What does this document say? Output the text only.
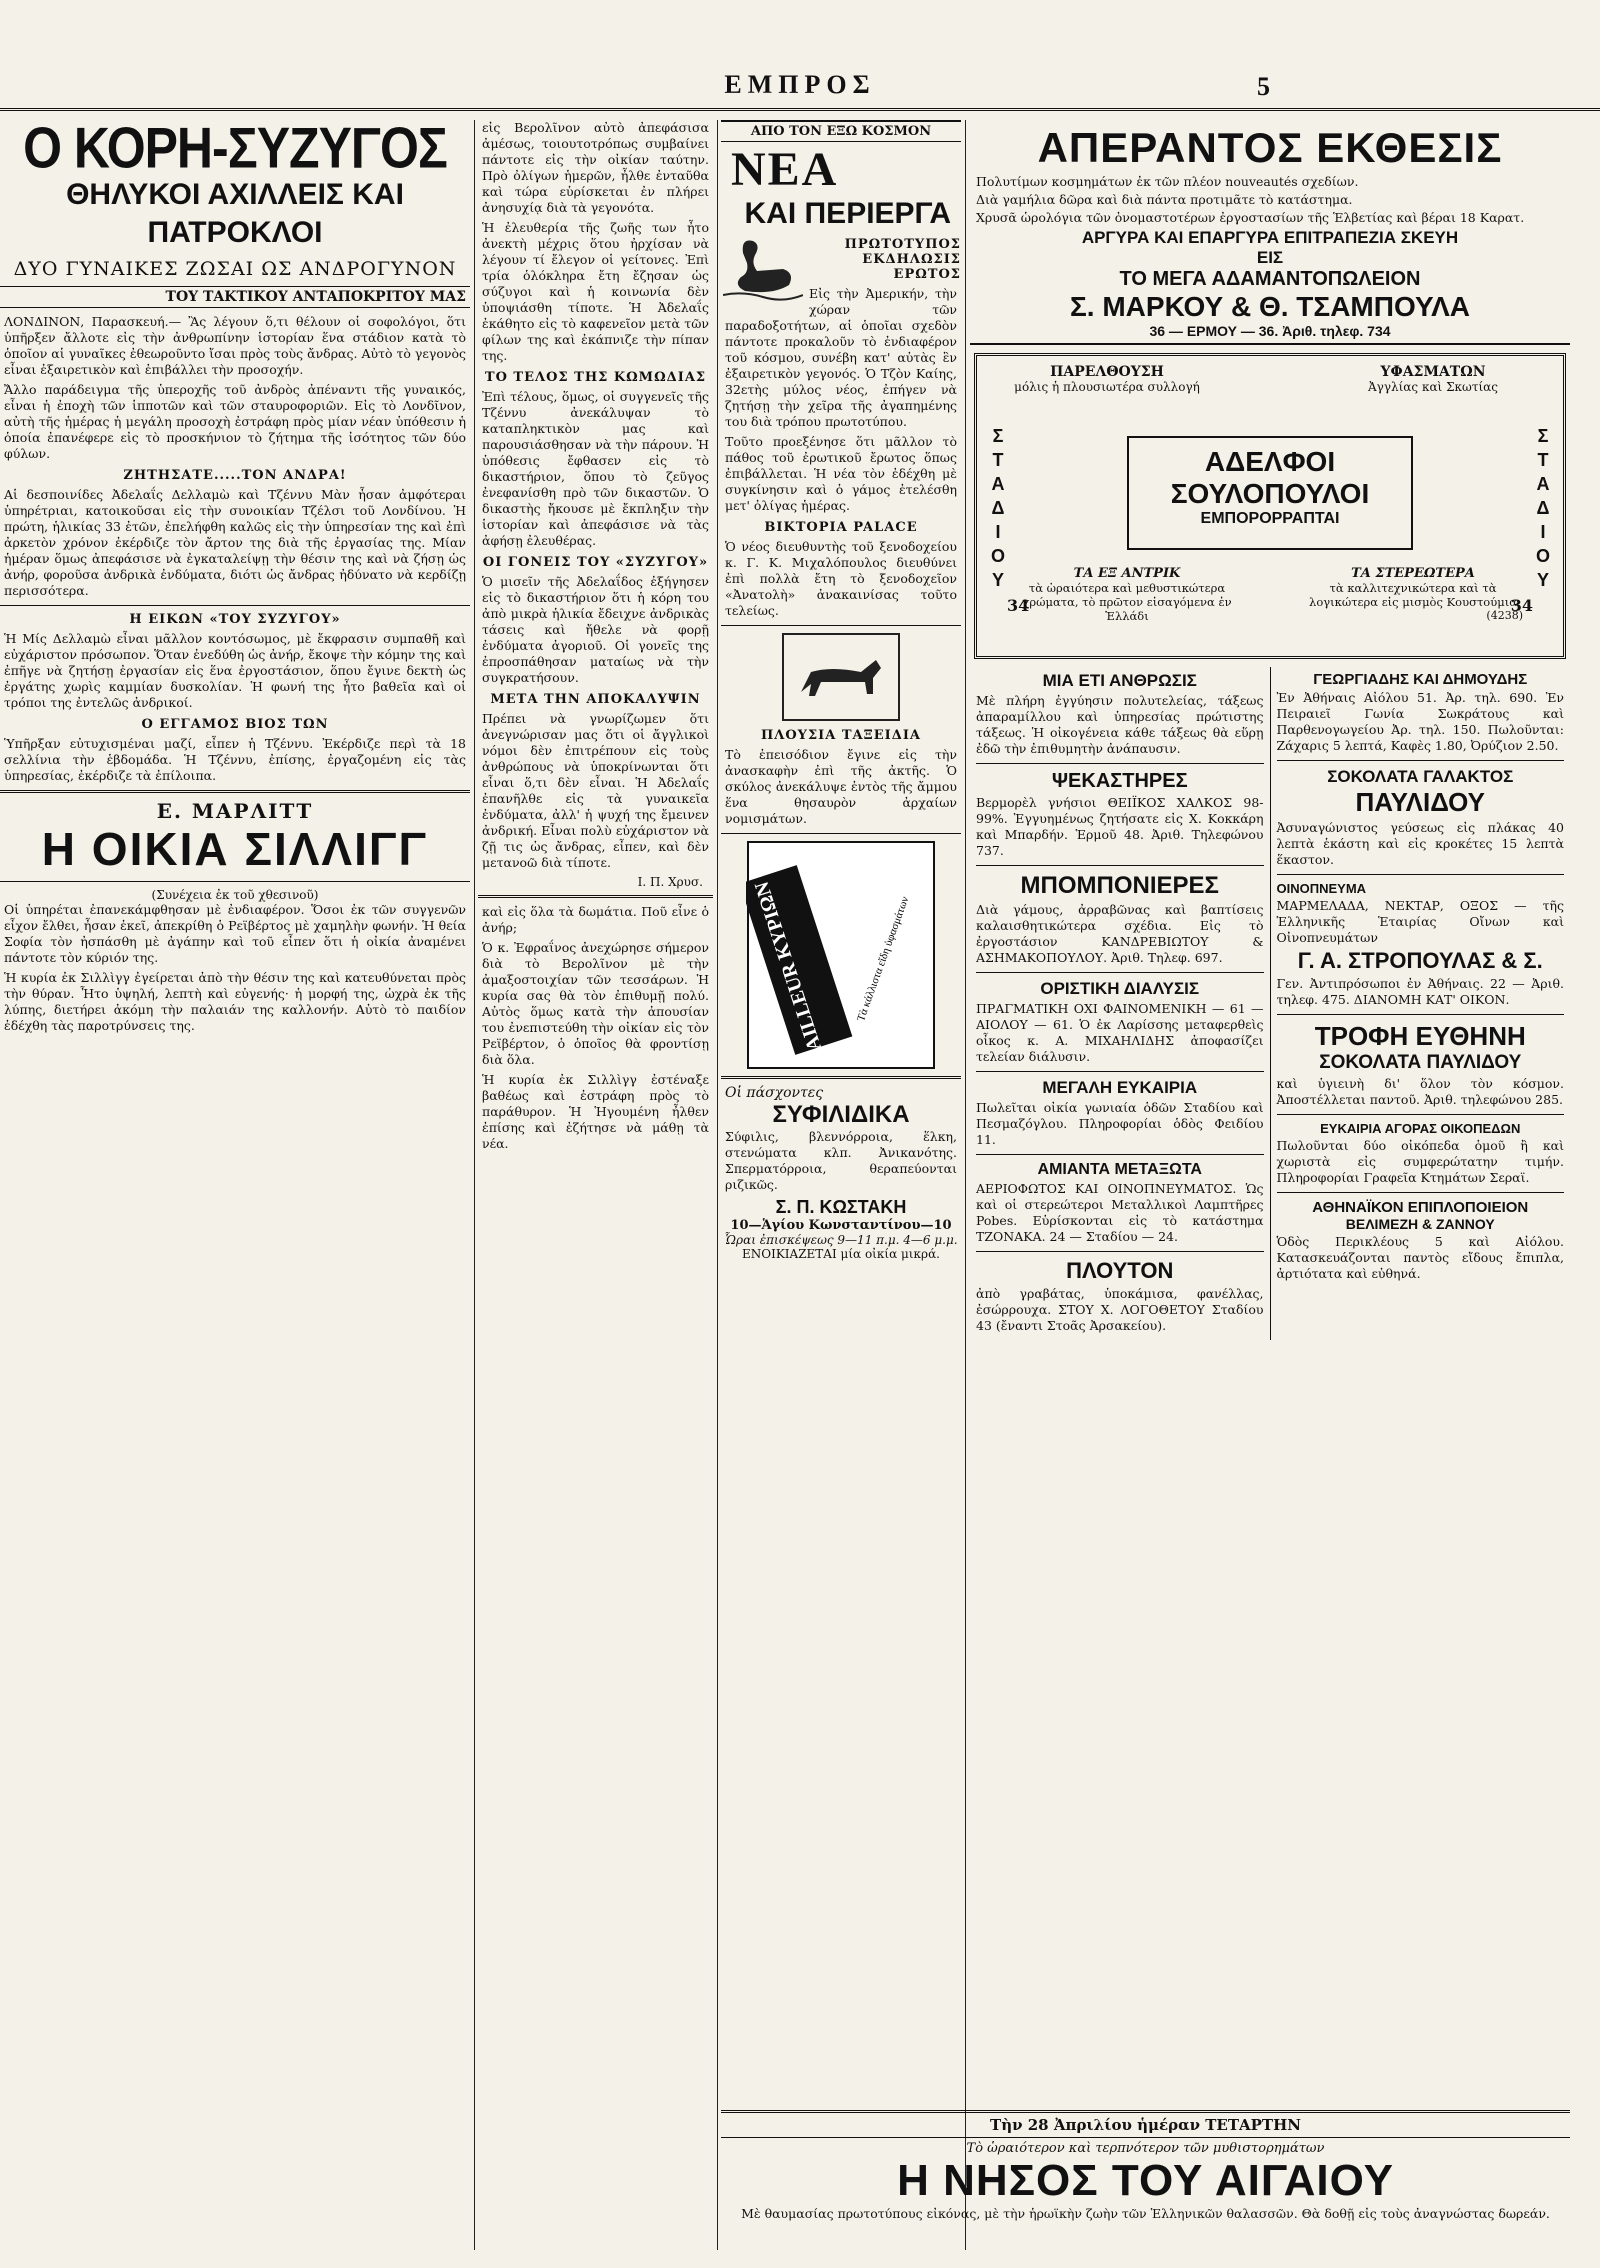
ΕΜΠΡΟΣ	5
Ο ΚΟΡΗ-ΣΥΖΥΓΟΣ
ΘΗΛΥΚΟΙ ΑΧΙΛΛΕΙΣ ΚΑΙ ΠΑΤΡΟΚΛΟΙ
ΔΥΟ ΓΥΝΑΙΚΕΣ ΖΩΣΑΙ ΩΣ ΑΝΔΡΟΓΥΝΟΝ
ΤΟΥ ΤΑΚΤΙΚΟΥ ΑΝΤΑΠΟΚΡΙΤΟΥ ΜΑΣ

ΛΟΝΔΙΝΟΝ, Παρασκευή.— Ἂς λέγουν ὅ,τι θέλουν οἱ σοφολόγοι, ὅτι ὑπῆρξεν ἄλλοτε εἰς τὴν ἀνθρωπίνην ἱστορίαν ἕνα στάδιον κατὰ τὸ ὁποῖον αἱ γυναῖκες ἐθεωροῦντο ἴσαι πρὸς τοὺς ἄνδρας. Αὐτὸ τὸ γεγονὸς εἶναι ἐξαιρετικὸν καὶ ἐπιβάλλει τὴν προσοχήν.

Ἄλλο παράδειγμα τῆς ὑπεροχῆς τοῦ ἀνδρὸς ἀπέναντι τῆς γυναικός, εἶναι ἡ ἐποχὴ τῶν ἱπποτῶν καὶ τῶν σταυροφοριῶν. Εἰς τὸ Λονδῖνον, αὐτὴ τῆς ἡμέρας ἡ μεγάλη προσοχὴ ἐστράφη πρὸς μίαν νέαν ὑπόθεσιν ἡ ὁποία ἐπανέφερε εἰς τὸ προσκήνιον τὸ ζήτημα τῆς ἰσότητος τῶν δύο φύλων.

ΖΗΤΗΣΑΤΕ.....ΤΟΝ ΑΝΔΡΑ!

Αἱ δεσποινίδες Ἀδελαΐς Δελλαμὼ καὶ Τζέννυ Μὰν ἦσαν ἀμφότεραι ὑπηρέτριαι, κατοικοῦσαι εἰς τὴν συνοικίαν Τζέλσι τοῦ Λονδίνου. Ἡ πρώτη, ἡλικίας 33 ἐτῶν, ἐπελήφθη καλῶς εἰς τὴν ὑπηρεσίαν της καὶ ἐπὶ ἀρκετὸν χρόνον ἐκέρδιζε τὸν ἄρτον της διὰ τῆς ἐργασίας της. Μίαν ἡμέραν ὅμως ἀπεφάσισε νὰ ἐγκαταλείψῃ τὴν θέσιν της καὶ νὰ ζήσῃ ὡς ἀνήρ, φοροῦσα ἀνδρικὰ ἐνδύματα, διότι ὡς ἄνδρας ἠδύνατο νὰ κερδίζῃ περισσότερα.

Η ΕΙΚΩΝ «ΤΟΥ ΣΥΖΥΓΟΥ»

Ἡ Μίς Δελλαμὼ εἶναι μᾶλλον κοντόσωμος, μὲ ἔκφρασιν συμπαθῆ καὶ εὐχάριστον πρόσωπον. Ὅταν ἐνεδύθη ὡς ἀνήρ, ἔκοψε τὴν κόμην της καὶ ἐπῆγε νὰ ζητήσῃ ἐργασίαν εἰς ἕνα ἐργοστάσιον, ὅπου ἔγινε δεκτὴ ὡς ἐργάτης χωρὶς καμμίαν δυσκολίαν. Ἡ φωνή της ἦτο βαθεῖα καὶ οἱ τρόποι της ἐντελῶς ἀνδρικοί.

Ο ΕΓΓΑΜΟΣ ΒΙΟΣ ΤΩΝ

Ὑπῆρξαν εὐτυχισμέναι μαζί, εἶπεν ἡ Τζέννυ. Ἐκέρδιζε περὶ τὰ 18 σελλίνια τὴν ἑβδομάδα. Ἡ Τζέννυ, ἐπίσης, ἐργαζομένη εἰς τὰς ὑπηρεσίας, ἐκέρδιζε τὰ ἐπίλοιπα.

Ε. ΜΑΡΛΙΤΤ
Η ΟΙΚΙΑ ΣΙΛΛΙΓΓ
(Συνέχεια ἐκ τοῦ χθεσινοῦ)

Οἱ ὑπηρέται ἐπανεκάμφθησαν μὲ ἐνδιαφέρον. Ὅσοι ἐκ τῶν συγγενῶν εἶχον ἔλθει, ἦσαν ἐκεῖ, ἀπεκρίθη ὁ Ρεϊβέρτος μὲ χαμηλὴν φωνήν. Ἡ θεία Σοφία τὸν ἠσπάσθη μὲ ἀγάπην καὶ τοῦ εἶπεν ὅτι ἡ οἰκία ἀναμένει πάντοτε τὸν κύριόν της.

Ἡ κυρία ἐκ Σιλλὶγγ ἐγείρεται ἀπὸ τὴν θέσιν της καὶ κατευθύνεται πρὸς τὴν θύραν. Ἦτο ὑψηλή, λεπτὴ καὶ εὐγενής· ἡ μορφή της, ὠχρὰ ἐκ τῆς λύπης, διετήρει ἀκόμη τὴν παλαιάν της καλλονήν. Αὐτὸ τὸ παιδίον ἐδέχθη τὰς παροτρύνσεις της.

εἰς Βερολῖνον αὐτὸ ἀπεφάσισα ἀμέσως, τοιουτοτρόπως συμβαίνει πάντοτε εἰς τὴν οἰκίαν ταύτην. Πρὸ ὀλίγων ἡμερῶν, ἦλθε ἐνταῦθα καὶ τώρα εὑρίσκεται ἐν πλήρει ἀνησυχίᾳ διὰ τὰ γεγονότα.

Ἡ ἐλευθερία τῆς ζωῆς των ἦτο ἀνεκτὴ μέχρις ὅτου ἠρχίσαν νὰ λέγουν τί ἔλεγον οἱ γείτονες. Ἐπὶ τρία ὁλόκληρα ἔτη ἔζησαν ὡς σύζυγοι καὶ ἡ κοινωνία δὲν ὑποψιάσθη τίποτε. Ἡ Ἀδελαΐς ἐκάθητο εἰς τὸ καφενεῖον μετὰ τῶν φίλων της καὶ ἐκάπνιζε τὴν πίπαν της.

ΤΟ ΤΕΛΟΣ ΤΗΣ ΚΩΜΩΔΙΑΣ

Ἐπὶ τέλους, ὅμως, οἱ συγγενεῖς τῆς Τζέννυ ἀνεκάλυψαν τὸ καταπληκτικὸν μας καὶ παρουσιάσθησαν νὰ τὴν πάρουν. Ἡ ὑπόθεσις ἔφθασεν εἰς τὸ δικαστήριον, ὅπου τὸ ζεῦγος ἐνεφανίσθη πρὸ τῶν δικαστῶν. Ὁ δικαστὴς ἤκουσε μὲ ἔκπληξιν τὴν ἱστορίαν καὶ ἀπεφάσισε νὰ τὰς ἀφήσῃ ἐλευθέρας.

ΟΙ ΓΟΝΕΙΣ ΤΟΥ «ΣΥΖΥΓΟΥ»

Ὁ μισεῖν τῆς Ἀδελαΐδος ἐξήγησεν εἰς τὸ δικαστήριον ὅτι ἡ κόρη του ἀπὸ μικρὰ ἡλικία ἔδειχνε ἀνδρικὰς τάσεις καὶ ἤθελε νὰ φορῇ ἐνδύματα ἀγοριοῦ. Οἱ γονεῖς της ἐπροσπάθησαν ματαίως νὰ τὴν συγκρατήσουν.

ΜΕΤΑ ΤΗΝ ΑΠΟΚΑΛΥΨΙΝ

Πρέπει νὰ γνωρίζωμεν ὅτι ἀνεγνώρισαν μας ὅτι οἱ ἄγγλικοὶ νόμοι δὲν ἐπιτρέπουν εἰς τοὺς ἀνθρώπους νὰ ὑποκρίνωνται ὅτι εἶναι ὅ,τι δὲν εἶναι. Ἡ Ἀδελαΐς ἐπανῆλθε εἰς τὰ γυναικεῖα ἐνδύματα, ἀλλ' ἡ ψυχή της ἔμεινεν ἀνδρική. Εἶναι πολὺ εὐχάριστον νὰ ζῇ τις ὡς ἄνδρας, εἶπεν, καὶ δὲν μετανοῶ διὰ τίποτε.

Ι. Π. Χρυσ.

καὶ εἰς ὅλα τὰ δωμάτια. Ποῦ εἶνε ὁ ἀνήρ;

Ὁ κ. Ἐφραΐνος ἀνεχώρησε σήμερον διὰ τὸ Βερολῖνον μὲ τὴν ἀμαξοστοιχίαν τῶν τεσσάρων. Ἡ κυρία σας θὰ τὸν ἐπιθυμῇ πολύ. Αὐτὸς ὅμως κατὰ τὴν ἀπουσίαν του ἐνεπιστεύθη τὴν οἰκίαν εἰς τὸν Ρεϊβέρτον, ὁ ὁποῖος θὰ φροντίσῃ διὰ ὅλα.

Ἡ κυρία ἐκ Σιλλὶγγ ἐστέναξε βαθέως καὶ ἐστράφη πρὸς τὸ παράθυρον. Ἡ Ἡγουμένη ἦλθεν ἐπίσης καὶ ἐζήτησε νὰ μάθῃ τὰ νέα.

ΑΠΟ ΤΟΝ ΕΞΩ ΚΟΣΜΟΝ
ΝΕΑ
ΚΑΙ ΠΕΡΙΕΡΓΑ
ΠΡΩΤΟΤΥΠΟΣ ΕΚΔΗΛΩΣΙΣ ΕΡΩΤΟΣ

Εἰς τὴν Ἀμερικήν, τὴν χώραν τῶν παραδοξοτήτων, αἱ ὁποῖαι σχεδὸν πάντοτε προκαλοῦν τὸ ἐνδιαφέρον τοῦ κόσμου, συνέβη κατ' αὐτὰς ἓν ἐξαιρετικὸν γεγονός. Ὁ Τζὸν Καίης, 32ετὴς μύλος νέος, ἐπήγεν νὰ ζητήσῃ τὴν χεῖρα τῆς ἀγαπημένης του διὰ τρόπου πρωτοτύπου.

Τοῦτο προεξένησε ὅτι μᾶλλον τὸ πάθος τοῦ ἐρωτικοῦ ἔρωτος ὅπως ἐπιβάλλεται. Ἡ νέα τὸν ἐδέχθη μὲ συγκίνησιν καὶ ὁ γάμος ἐτελέσθη μετ' ὀλίγας ἡμέρας.

ΒΙΚΤΟΡΙΑ PALACE

Ὁ νέος διευθυντὴς τοῦ ξενοδοχείου κ. Γ. Κ. Μιχαλόπουλος διευθύνει ἐπὶ πολλὰ ἔτη τὸ ξενοδοχεῖον «Ἀνατολὴ» ἀνακαινίσας τοῦτο τελείως.

ΠΛΟΥΣΙΑ ΤΑΞΕΙΔΙΑ

Τὸ ἐπεισόδιον ἔγινε εἰς τὴν ἀνασκαφὴν ἐπὶ τῆς ἀκτῆς. Ὁ σκύλος ἀνεκάλυψε ἐντὸς τῆς ἄμμου ἕνα θησαυρὸν ἀρχαίων νομισμάτων.

TAILLEUR ΚΥΡΙΩΝ Τὰ κάλλιστα εἴδη ὑφασμάτων
Οἱ πάσχοντες
ΣΥΦΙΛΙΔΙΚΑ

Σύφιλις, βλεννόρροια, ἕλκη, στενώματα κλπ. Ἀνικανότης. Σπερματόρροια, θεραπεύονται ριζικῶς.

Σ. Π. ΚΩΣΤΑΚΗ
10—Ἁγίου Κωνσταντίνου—10
Ὧραι ἐπισκέψεως 9—11 π.μ. 4—6 μ.μ.
ΕΝΟΙΚΙΑΖΕΤΑΙ μία οἰκία μικρά.
ΑΠΕΡΑΝΤΟΣ ΕΚΘΕΣΙΣ
Πολυτίμων κοσμημάτων ἐκ τῶν πλέον nouveautés σχεδίων.
Διὰ γαμήλια δῶρα καὶ διὰ πάντα προτιμᾶτε τὸ κατάστημα.
Χρυσᾶ ὡρολόγια τῶν ὀνομαστοτέρων ἐργοστασίων τῆς Ἑλβετίας καὶ βέραι 18 Καρατ.
ΑΡΓΥΡΑ ΚΑΙ ΕΠΑΡΓΥΡΑ ΕΠΙΤΡΑΠΕΖΙΑ ΣΚΕΥΗ
ΕΙΣ
ΤΟ ΜΕΓΑ ΑΔΑΜΑΝΤΟΠΩΛΕΙΟΝ
Σ. ΜΑΡΚΟΥ & Θ. ΤΣΑΜΠΟΥΛΑ
36 — ΕΡΜΟΥ — 36. Ἀριθ. τηλεφ. 734
ΠΑΡΕΛΘΟΥΣΗ
μόλις ἡ πλουσιωτέρα συλλογή
ΥΦΑΣΜΑΤΩΝ
Ἀγγλίας καὶ Σκωτίας
ΣΤΑΔΙΟΥ	ΣΤΑΔΙΟΥ
34	34
ΑΔΕΛΦΟΙ
ΣΟΥΛΟΠΟΥΛΟΙ
ΕΜΠΟΡΟΡΡΑΠΤΑΙ
ΤΑ ΕΞ ΑΝΤΡΙΚ
τὰ ὡραιότερα καὶ μεθυστικώτερα χρώματα, τὸ πρῶτον εἰσαγόμενα ἐν Ἑλλάδι
ΤΑ ΣΤΕΡΕΩΤΕΡΑ
τὰ καλλιτεχνικώτερα καὶ τὰ λογικώτερα εἰς μισμὸς Κουστούμια
(4238)
ΜΙΑ ΕΤΙ ΑΝΘΡΩΣΙΣ
Μὲ πλήρη ἐγγύησιν πολυτελείας, τάξεως ἀπαραμίλλου καὶ ὑπηρεσίας πρώτιστης τάξεως. Ἡ οἰκογένεια κάθε τάξεως θὰ εὕρῃ ἐδῶ τὴν ἐπιθυμητὴν ἀνάπαυσιν.
ΨΕΚΑΣΤΗΡΕΣ
Βερμορὲλ γνήσιοι ΘΕΙΪΚΟΣ ΧΑΛΚΟΣ 98-99%. Ἐγγυημένως ζητήσατε εἰς Χ. Κοκκάρη καὶ Μπαρδήν. Ἑρμοῦ 48. Ἀριθ. Τηλεφώνου 737.
ΜΠΟΜΠΟΝΙΕΡΕΣ
Διὰ γάμους, ἀρραβῶνας καὶ βαπτίσεις καλαισθητικώτερα σχέδια. Εἰς τὸ ἐργοστάσιον ΚΑΝΔΡΕΒΙΩΤΟΥ & ΑΣΗΜΑΚΟΠΟΥΛΟΥ. Ἀριθ. Τηλεφ. 697.
ΟΡΙΣΤΙΚΗ ΔΙΑΛΥΣΙΣ
ΠΡΑΓΜΑΤΙΚΗ ΟΧΙ ΦΑΙΝΟΜΕΝΙΚΗ — 61 — ΑΙΟΛΟΥ — 61. Ὁ ἐκ Λαρίσσης μεταφερθεὶς οἶκος κ. Α. ΜΙΧΑΗΛΙΔΗΣ ἀποφασίζει τελείαν διάλυσιν.
ΜΕΓΑΛΗ ΕΥΚΑΙΡΙΑ
Πωλεῖται οἰκία γωνιαία ὁδῶν Σταδίου καὶ Πεσμαζόγλου. Πληροφορίαι ὁδὸς Φειδίου 11.
ΑΜΙΑΝΤΑ ΜΕΤΑΞΩΤΑ
ΑΕΡΙΟΦΩΤΟΣ ΚΑΙ ΟΙΝΟΠΝΕΥΜΑΤΟΣ. Ὡς καὶ οἱ στερεώτεροι Μεταλλικοὶ Λαμπτῆρες Pobes. Εὑρίσκονται εἰς τὸ κατάστημα ΤΖΟΝΑΚΑ. 24 — Σταδίου — 24.
ΠΛΟΥΤΟΝ
ἀπὸ γραβάτας, ὑποκάμισα, φανέλλας, ἐσώρρουχα. ΣΤΟΥ Χ. ΛΟΓΟΘΕΤΟΥ Σταδίου 43 (ἔναντι Στοᾶς Ἀρσακείου).
ΓΕΩΡΓΙΑΔΗΣ ΚΑΙ ΔΗΜΟΥΔΗΣ
Ἐν Ἀθήναις Αἰόλου 51. Ἀρ. τηλ. 690. Ἐν Πειραιεῖ Γωνία Σωκράτους καὶ Παρθενογωγείου Ἀρ. τηλ. 150. Πωλοῦνται: Ζάχαρις 5 λεπτά, Καφὲς 1.80, Ὀρύζιον 2.50.
ΣΟΚΟΛΑΤΑ ΓΑΛΑΚΤΟΣ
ΠΑΥΛΙΔΟΥ
Ἀσυναγώνιστος γεύσεως εἰς πλάκας 40 λεπτὰ ἑκάστη καὶ εἰς κροκέτες 15 λεπτὰ ἕκαστον.
ΟΙΝΟΠΝΕΥΜΑ
ΜΑΡΜΕΛΑΔΑ, ΝΕΚΤΑΡ, ΟΞΟΣ — τῆς Ἑλληνικῆς Ἑταιρίας Οἴνων καὶ Οἰνοπνευμάτων
Γ. Α. ΣΤΡΟΠΟΥΛΑΣ & Σ.
Γεν. Ἀντιπρόσωποι ἐν Ἀθήναις. 22 — Ἀριθ. τηλεφ. 475. ΔΙΑΝΟΜΗ ΚΑΤ' ΟΙΚΟΝ.
ΤΡΟΦΗ ΕΥΘΗΝΗ
ΣΟΚΟΛΑΤΑ ΠΑΥΛΙΔΟΥ
καὶ ὑγιεινὴ δι' ὅλον τὸν κόσμον. Ἀποστέλλεται παντοῦ. Ἀριθ. τηλεφώνου 285.
ΕΥΚΑΙΡΙΑ ΑΓΟΡΑΣ ΟΙΚΟΠΕΔΩΝ
Πωλοῦνται δύο οἰκόπεδα ὁμοῦ ἢ καὶ χωριστὰ εἰς συμφερώτατην τιμήν. Πληροφορίαι Γραφεῖα Κτημάτων Σεραϊ.
ΑΘΗΝΑΪΚΟΝ ΕΠΙΠΛΟΠΟΙΕΙΟΝ
ΒΕΛΙΜΕΖΗ & ΖΑΝΝΟΥ
Ὁδὸς Περικλέους 5 καὶ Αἰόλου. Κατασκευάζονται παντὸς εἴδους ἔπιπλα, ἀρτιότατα καὶ εὐθηνά.
Τὴν 28 Ἀπριλίου ἡμέραν ΤΕΤΑΡΤΗΝ
Τὸ ὡραιότερον καὶ τερπνότερον τῶν μυθιστορημάτων
Η ΝΗΣΟΣ ΤΟΥ ΑΙΓΑΙΟΥ
Μὲ θαυμασίας πρωτοτύπους εἰκόνας, μὲ τὴν ἡρωϊκὴν ζωὴν τῶν Ἑλληνικῶν θαλασσῶν. Θὰ δοθῇ εἰς τοὺς ἀναγνώστας δωρεάν.
